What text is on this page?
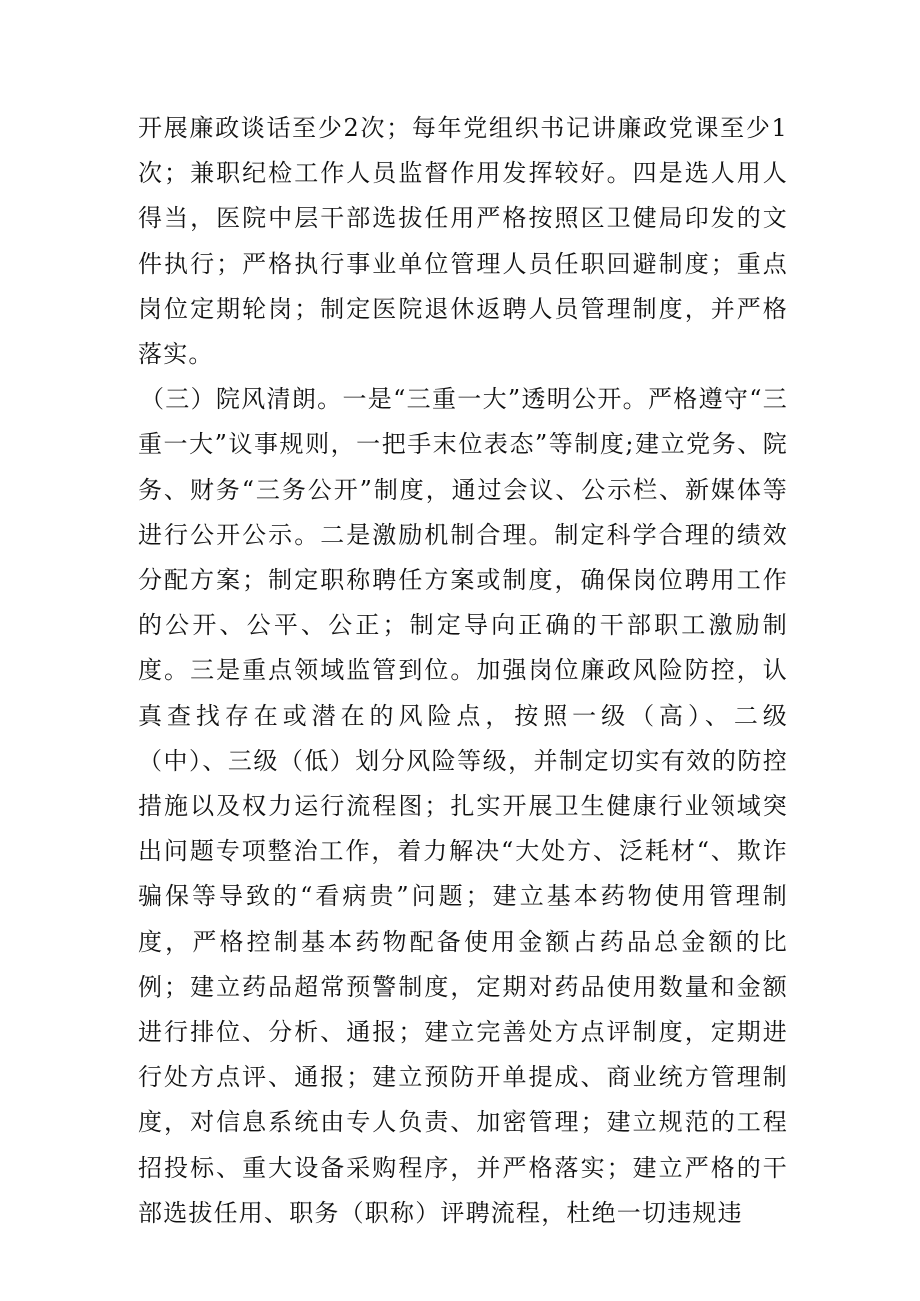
开展廉政谈话至少2次；每年党组织书记讲廉政党课至少1次；兼职纪检工作人员监督作用发挥较好。四是选人用人得当，医院中层干部选拔任用严格按照区卫健局印发的文件执行；严格执行事业单位管理人员任职回避制度；重点岗位定期轮岗；制定医院退休返聘人员管理制度，并严格落实。

（三）院风清朗。一是“三重一大”透明公开。严格遵守“三重一大”议事规则，一把手末位表态”等制度;建立党务、院务、财务“三务公开”制度，通过会议、公示栏、新媒体等进行公开公示。二是激励机制合理。制定科学合理的绩效分配方案；制定职称聘任方案或制度，确保岗位聘用工作的公开、公平、公正；制定导向正确的干部职工激励制度。三是重点领域监管到位。加强岗位廉政风险防控，认真查找存在或潜在的风险点，按照一级（高）、二级（中）、三级（低）划分风险等级，并制定切实有效的防控措施以及权力运行流程图；扎实开展卫生健康行业领域突出问题专项整治工作，着力解决“大处方、泛耗材“、欺诈骗保等导致的“看病贵”问题；建立基本药物使用管理制度，严格控制基本药物配备使用金额占药品总金额的比例；建立药品超常预警制度，定期对药品使用数量和金额进行排位、分析、通报；建立完善处方点评制度，定期进行处方点评、通报；建立预防开单提成、商业统方管理制度，对信息系统由专人负责、加密管理；建立规范的工程招投标、重大设备采购程序，并严格落实；建立严格的干部选拔任用、职务（职称）评聘流程，杜绝一切违规违
